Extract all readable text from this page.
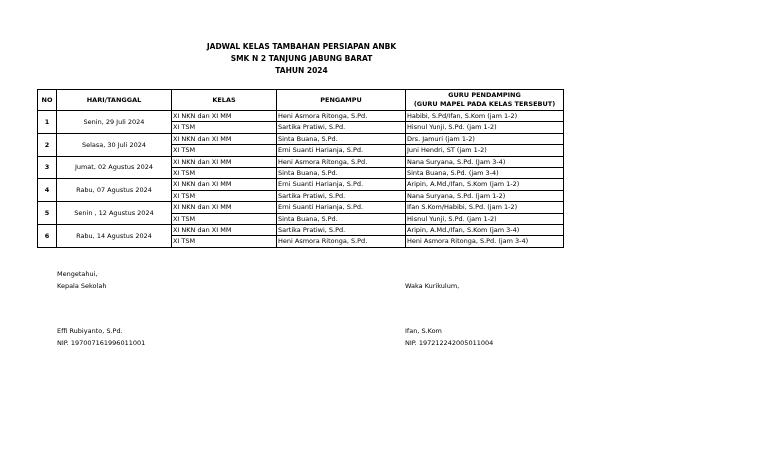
JADWAL KELAS TAMBAHAN PERSIAPAN ANBK
SMK N 2 TANJUNG JABUNG BARAT
TAHUN 2024
NO	HARI/TANGGAL	KELAS	PENGAMPU	GURU PENDAMPING
(GURU MAPEL PADA KELAS TERSEBUT)

1	Senin, 29 Juli 2024	XI NKN dan XI MM	Heni Asmora Ritonga, S.Pd.	Habibi, S.Pd/Ifan, S.Kom (jam 1-2)
		XI TSM	Sartika Pratiwi, S.Pd.	Hisnul Yunji, S.Pd. (jam 1-2)
2	Selasa, 30 Juli 2024	XI NKN dan XI MM	Sinta Buana, S.Pd.	Drs. Jamuri (jam 1-2)
		XI TSM	Erni Suanti Harianja, S.Pd.	Juni Hendri, ST (jam 1-2)
3	Jumat, 02 Agustus 2024	XI NKN dan XI MM	Heni Asmora Ritonga, S.Pd.	Nana Suryana, S.Pd. (Jam 3-4)
		XI TSM	Sinta Buana, S.Pd.	Sinta Buana, S.Pd. (jam 3-4)
4	Rabu, 07 Agustus 2024	XI NKN dan XI MM	Erni Suanti Harianja, S.Pd.	Aripin, A.Md./Ifan, S.Kom (jam 1-2)
		XI TSM	Sartika Pratiwi, S.Pd.	Nana Suryana, S.Pd. (jam 1-2)
5	Senin , 12 Agustus 2024	XI NKN dan XI MM	Erni Suanti Harianja, S.Pd.	Ifan S.Kom/Habibi, S.Pd. (jam 1-2)
		XI TSM	Sinta Buana, S.Pd.	Hisnul Yunji, S.Pd. (jam 1-2)
6	Rabu, 14 Agustus 2024	XI NKN dan XI MM	Sartika Pratiwi, S.Pd.	Aripin, A.Md./Ifan, S.Kom (jam 3-4)
		XI TSM	Heni Asmora Ritonga, S.Pd.	Heni Asmora Ritonga, S.Pd. (jam 3-4)
Mengetahui,
Kepala Sekolah
Effi Rubiyanto, S.Pd.
NIP. 197007161996011001
Waka Kurikulum,
Ifan, S.Kom
NIP. 197212242005011004
